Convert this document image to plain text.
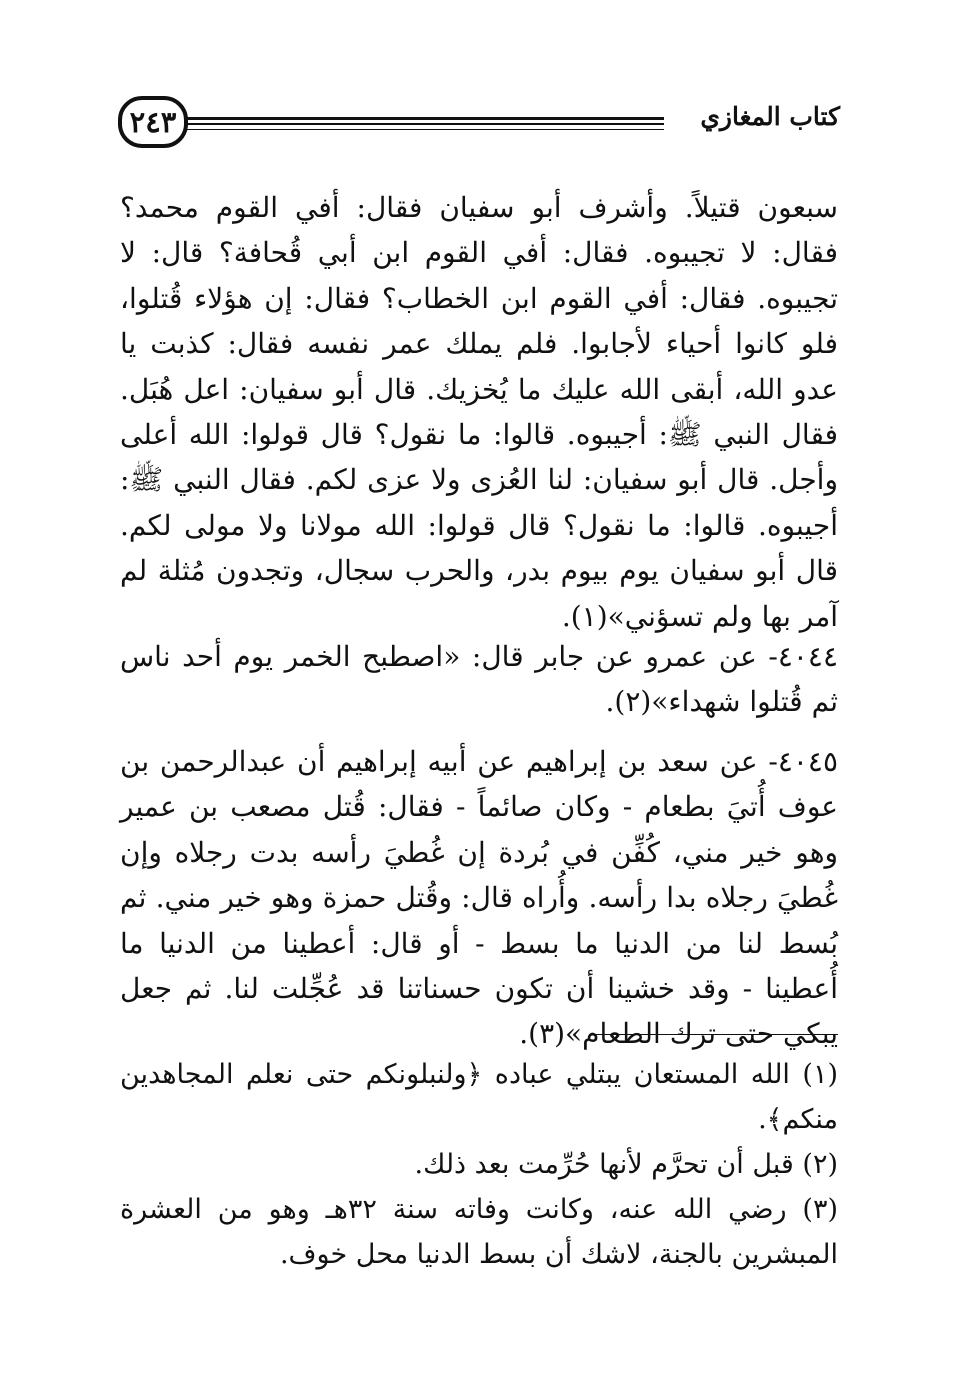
٢٤٣	كتاب المغازي

سبعون قتيلاً. وأشرف أبو سفيان فقال: أفي القوم محمد؟ فقال: لا تجيبوه. فقال: أفي القوم ابن أبي قُحافة؟ قال: لا تجيبوه. فقال: أفي القوم ابن الخطاب؟ فقال: إن هؤلاء قُتلوا، فلو كانوا أحياء لأجابوا. فلم يملك عمر نفسه فقال: كذبت يا عدو الله، أبقى الله عليك ما يُخزيك. قال أبو سفيان: اعل هُبَل. فقال النبي ﷺ: أجيبوه. قالوا: ما نقول؟ قال قولوا: الله أعلى وأجل. قال أبو سفيان: لنا العُزى ولا عزى لكم. فقال النبي ﷺ: أجيبوه. قالوا: ما نقول؟ قال قولوا: الله مولانا ولا مولى لكم. قال أبو سفيان يوم بيوم بدر، والحرب سجال، وتجدون مُثلة لم آمر بها ولم تسؤني»(١).

٤٠٤٤- عن عمرو عن جابر قال: «اصطبح الخمر يوم أحد ناس ثم قُتلوا شهداء»(٢).

٤٠٤٥- عن سعد بن إبراهيم عن أبيه إبراهيم أن عبدالرحمن بن عوف أُتيَ بطعام - وكان صائماً - فقال: قُتل مصعب بن عمير وهو خير مني، كُفِّن في بُردة إن غُطيَ رأسه بدت رجلاه وإن غُطيَ رجلاه بدا رأسه. وأُراه قال: وقُتل حمزة وهو خير مني. ثم بُسط لنا من الدنيا ما بسط - أو قال: أعطينا من الدنيا ما أُعطينا - وقد خشينا أن تكون حسناتنا قد عُجِّلت لنا. ثم جعل يبكي حتى ترك الطعام»(٣).

(١) الله المستعان يبتلي عباده ﴿ولنبلونكم حتى نعلم المجاهدين منكم﴾.

(٢) قبل أن تحرَّم لأنها حُرِّمت بعد ذلك.

(٣) رضي الله عنه، وكانت وفاته سنة ٣٢هـ وهو من العشرة المبشرين بالجنة، لاشك أن بسط الدنيا محل خوف.
